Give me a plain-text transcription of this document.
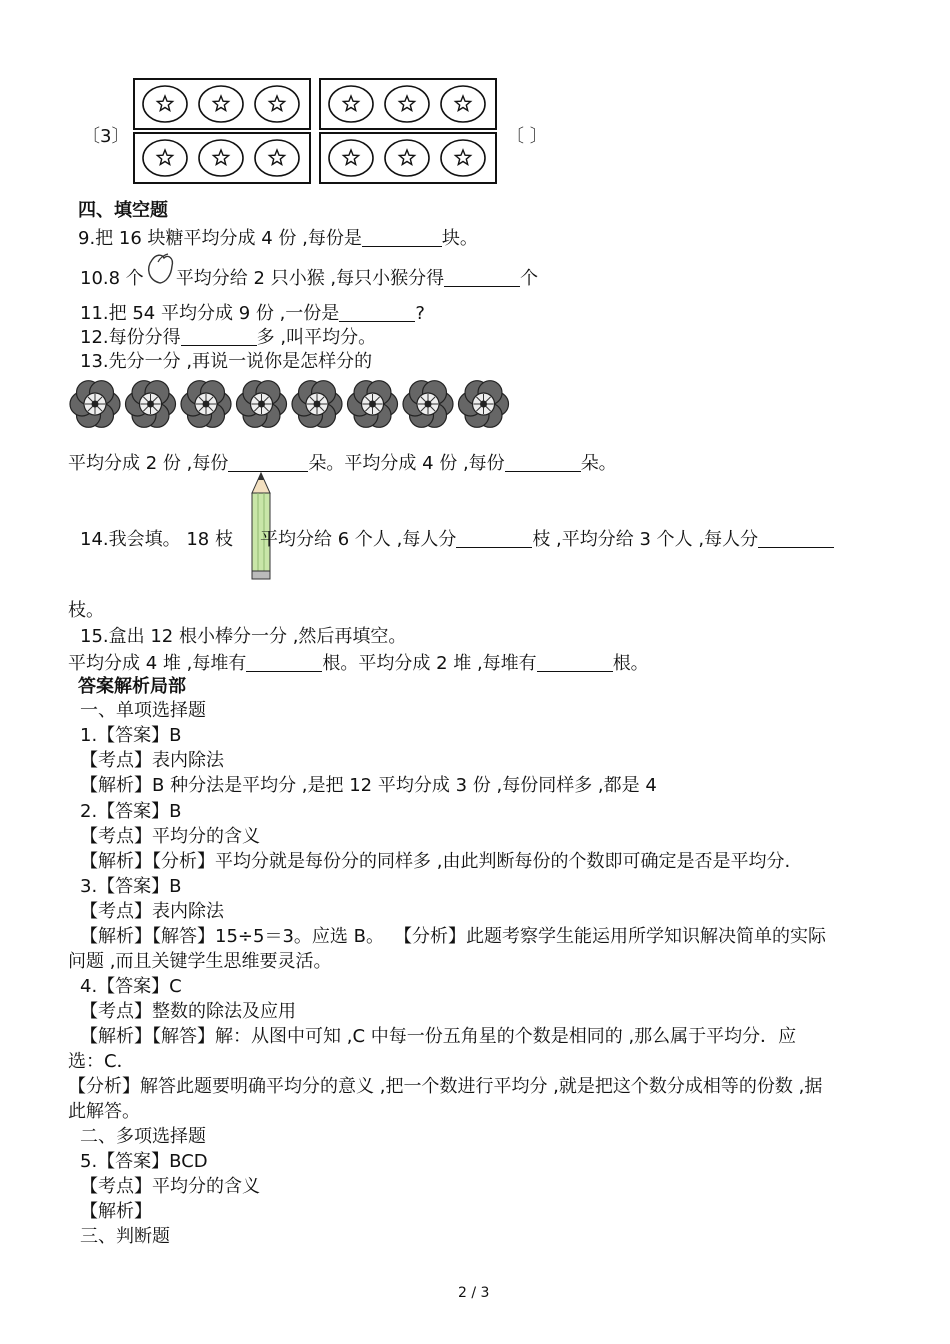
〔3〕	〔 〕
四、填空题
9.把 16 块糖平均分成 4 份 ,每份是	块。
10.8 个 平均分给 2 只小猴 ,每只小猴分得	个
11.把 54 平均分成 9 份 ,一份是	?
12.每份分得	多 ,叫平均分。
13.先分一分 ,再说一说你是怎样分的
平均分成 2 份 ,每份	朵。平均分成 4 份 ,每份	朵。
14.我会填。 18 枝 平均分给 6 个人 ,每人分	枝 ,平均分给 3 个人 ,每人分
枝。
15.盒出 12 根小棒分一分 ,然后再填空。
平均分成 4 堆 ,每堆有	根。平均分成 2 堆 ,每堆有	根。
答案解析局部
一、单项选择题
1.【答案】B
【考点】表内除法
【解析】B 种分法是平均分 ,是把 12 平均分成 3 份 ,每份同样多 ,都是 4
2.【答案】B
【考点】平均分的含义
【解析】【分析】平均分就是每份分的同样多 ,由此判断每份的个数即可确定是否是平均分.
3.【答案】B
【考点】表内除法
【解析】【解答】15÷5＝3。应选 B。 【分析】此题考察学生能运用所学知识解决简单的实际
问题 ,而且关键学生思维要灵活。
4.【答案】C
【考点】整数的除法及应用
【解析】【解答】解：从图中可知 ,C 中每一份五角星的个数是相同的 ,那么属于平均分．应
选：C．
【分析】解答此题要明确平均分的意义 ,把一个数进行平均分 ,就是把这个数分成相等的份数 ,据
此解答。
二、多项选择题
5.【答案】BCD
【考点】平均分的含义
【解析】
三、判断题
2 / 3
